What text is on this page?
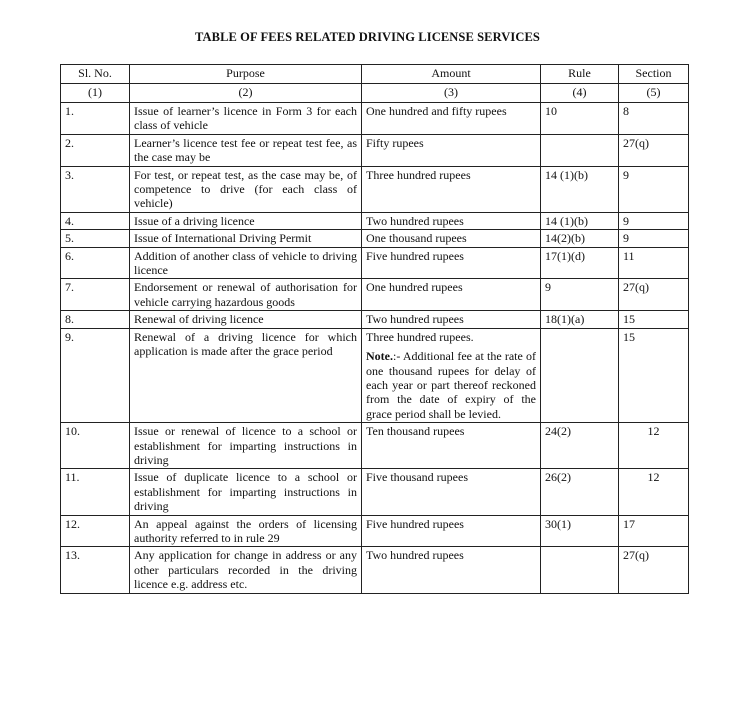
TABLE OF FEES RELATED DRIVING LICENSE SERVICES
Sl. No.	Purpose	Amount	Rule	Section
(1)	(2)	(3)	(4)	(5)
1.	Issue of learner’s licence in Form 3 for each class of vehicle	One hundred and fifty rupees	10	8
2.	Learner’s licence test fee or repeat test fee, as the case may be	Fifty rupees		27(q)
3.	For test, or repeat test, as the case may be, of competence to drive (for each class of vehicle)	Three hundred rupees	14 (1)(b)	9
4.	Issue of a driving licence	Two hundred rupees	14 (1)(b)	9
5.	Issue of International Driving Permit	One thousand rupees	14(2)(b)	9
6.	Addition of another class of vehicle to driving licence	Five hundred rupees	17(1)(d)	11
7.	Endorsement or renewal of authorisation for vehicle carrying hazardous goods	One hundred rupees	9	27(q)
8.	Renewal of driving licence	Two hundred rupees	18(1)(a)	15
9.	Renewal of a driving licence for which application is made after the grace period	Three hundred rupees.
Note.:- Additional fee at the rate of one thousand rupees for delay of each year or part thereof reckoned from the date of expiry of the grace period shall be levied.		15
10.	Issue or renewal of licence to a school or establishment for imparting instructions in driving	Ten thousand rupees	24(2)	12
11.	Issue of duplicate licence to a school or establishment for imparting instructions in driving	Five thousand rupees	26(2)	12
12.	An appeal against the orders of licensing authority referred to in rule 29	Five hundred rupees	30(1)	17
13.	Any application for change in address or any other particulars recorded in the driving licence e.g. address etc.	Two hundred rupees		27(q)
